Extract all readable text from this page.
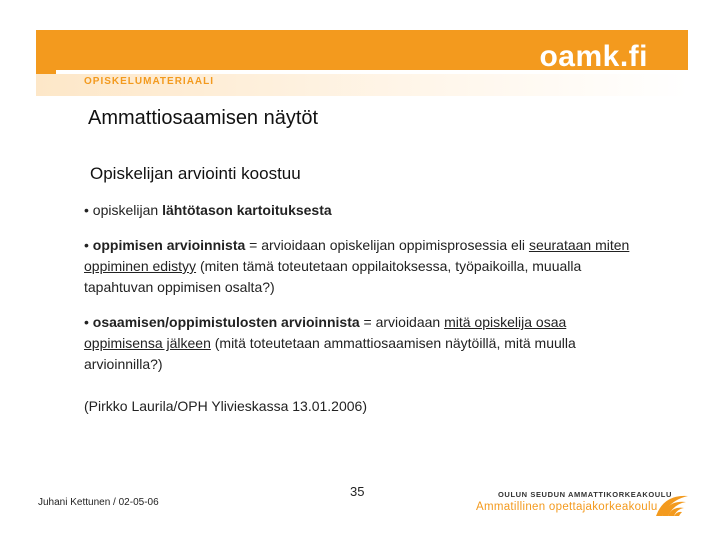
oamk.fi
OPISKELUMATERIAALI
Ammattiosaamisen näytöt
Opiskelijan arviointi koostuu
• opiskelijan lähtötason kartoituksesta
• oppimisen arvioinnista = arvioidaan opiskelijan oppimisprosessia eli seurataan miten oppiminen edistyy (miten tämä toteutetaan oppilaitoksessa, työpaikoilla, muualla tapahtuvan oppimisen osalta?)
• osaamisen/oppimistulosten arvioinnista = arvioidaan mitä opiskelija osaa oppimisensa jälkeen (mitä toteutetaan ammattiosaamisen näytöillä, mitä muulla arvioinnilla?)
(Pirkko Laurila/OPH Ylivieskassa 13.01.2006)
Juhani Kettunen / 02-05-06
35	OULUN SEUDUN AMMATTIKORKEAKOULU
Ammatillinen opettajakorkeakoulu
